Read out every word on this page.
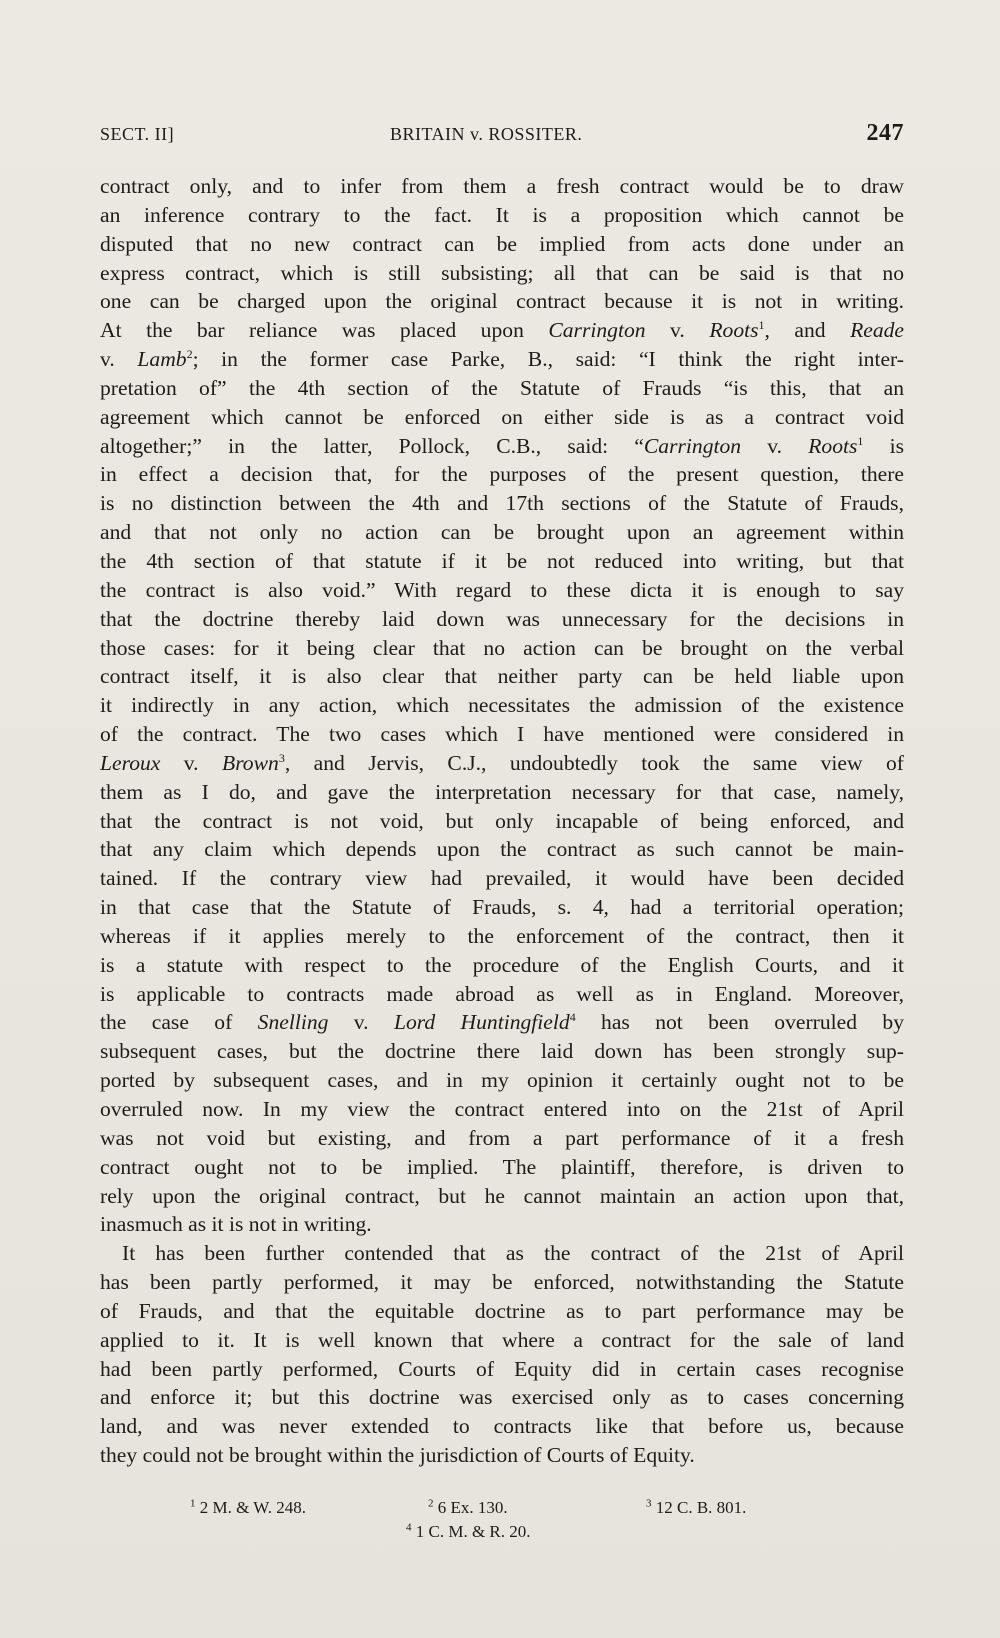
SECT. II]	BRITAIN v. ROSSITER.	247
contract only, and to infer from them a fresh contract would be to draw
an inference contrary to the fact. It is a proposition which cannot be
disputed that no new contract can be implied from acts done under an
express contract, which is still subsisting; all that can be said is that no
one can be charged upon the original contract because it is not in writing.
At the bar reliance was placed upon Carrington v. Roots$^1$, and Reade
v. Lamb$^2$; in the former case Parke, B., said: “I think the right inter-
pretation of” the 4th section of the Statute of Frauds “is this, that an
agreement which cannot be enforced on either side is as a contract void
altogether;” in the latter, Pollock, C.B., said: “Carrington v. Roots$^1$ is
in effect a decision that, for the purposes of the present question, there
is no distinction between the 4th and 17th sections of the Statute of Frauds,
and that not only no action can be brought upon an agreement within
the 4th section of that statute if it be not reduced into writing, but that
the contract is also void.” With regard to these dicta it is enough to say
that the doctrine thereby laid down was unnecessary for the decisions in
those cases: for it being clear that no action can be brought on the verbal
contract itself, it is also clear that neither party can be held liable upon
it indirectly in any action, which necessitates the admission of the existence
of the contract. The two cases which I have mentioned were considered in
Leroux v. Brown$^3$, and Jervis, C.J., undoubtedly took the same view of
them as I do, and gave the interpretation necessary for that case, namely,
that the contract is not void, but only incapable of being enforced, and
that any claim which depends upon the contract as such cannot be main-
tained. If the contrary view had prevailed, it would have been decided
in that case that the Statute of Frauds, s. 4, had a territorial operation;
whereas if it applies merely to the enforcement of the contract, then it
is a statute with respect to the procedure of the English Courts, and it
is applicable to contracts made abroad as well as in England. Moreover,
the case of Snelling v. Lord Huntingfield$^4$ has not been overruled by
subsequent cases, but the doctrine there laid down has been strongly sup-
ported by subsequent cases, and in my opinion it certainly ought not to be
overruled now. In my view the contract entered into on the 21st of April
was not void but existing, and from a part performance of it a fresh
contract ought not to be implied. The plaintiff, therefore, is driven to
rely upon the original contract, but he cannot maintain an action upon that,
inasmuch as it is not in writing.
It has been further contended that as the contract of the 21st of April
has been partly performed, it may be enforced, notwithstanding the Statute
of Frauds, and that the equitable doctrine as to part performance may be
applied to it. It is well known that where a contract for the sale of land
had been partly performed, Courts of Equity did in certain cases recognise
and enforce it; but this doctrine was exercised only as to cases concerning
land, and was never extended to contracts like that before us, because
they could not be brought within the jurisdiction of Courts of Equity.
$^1$ 2 M. & W. 248.	$^2$ 6 Ex. 130.	$^3$ 12 C. B. 801.
$^4$ 1 C. M. & R. 20.
